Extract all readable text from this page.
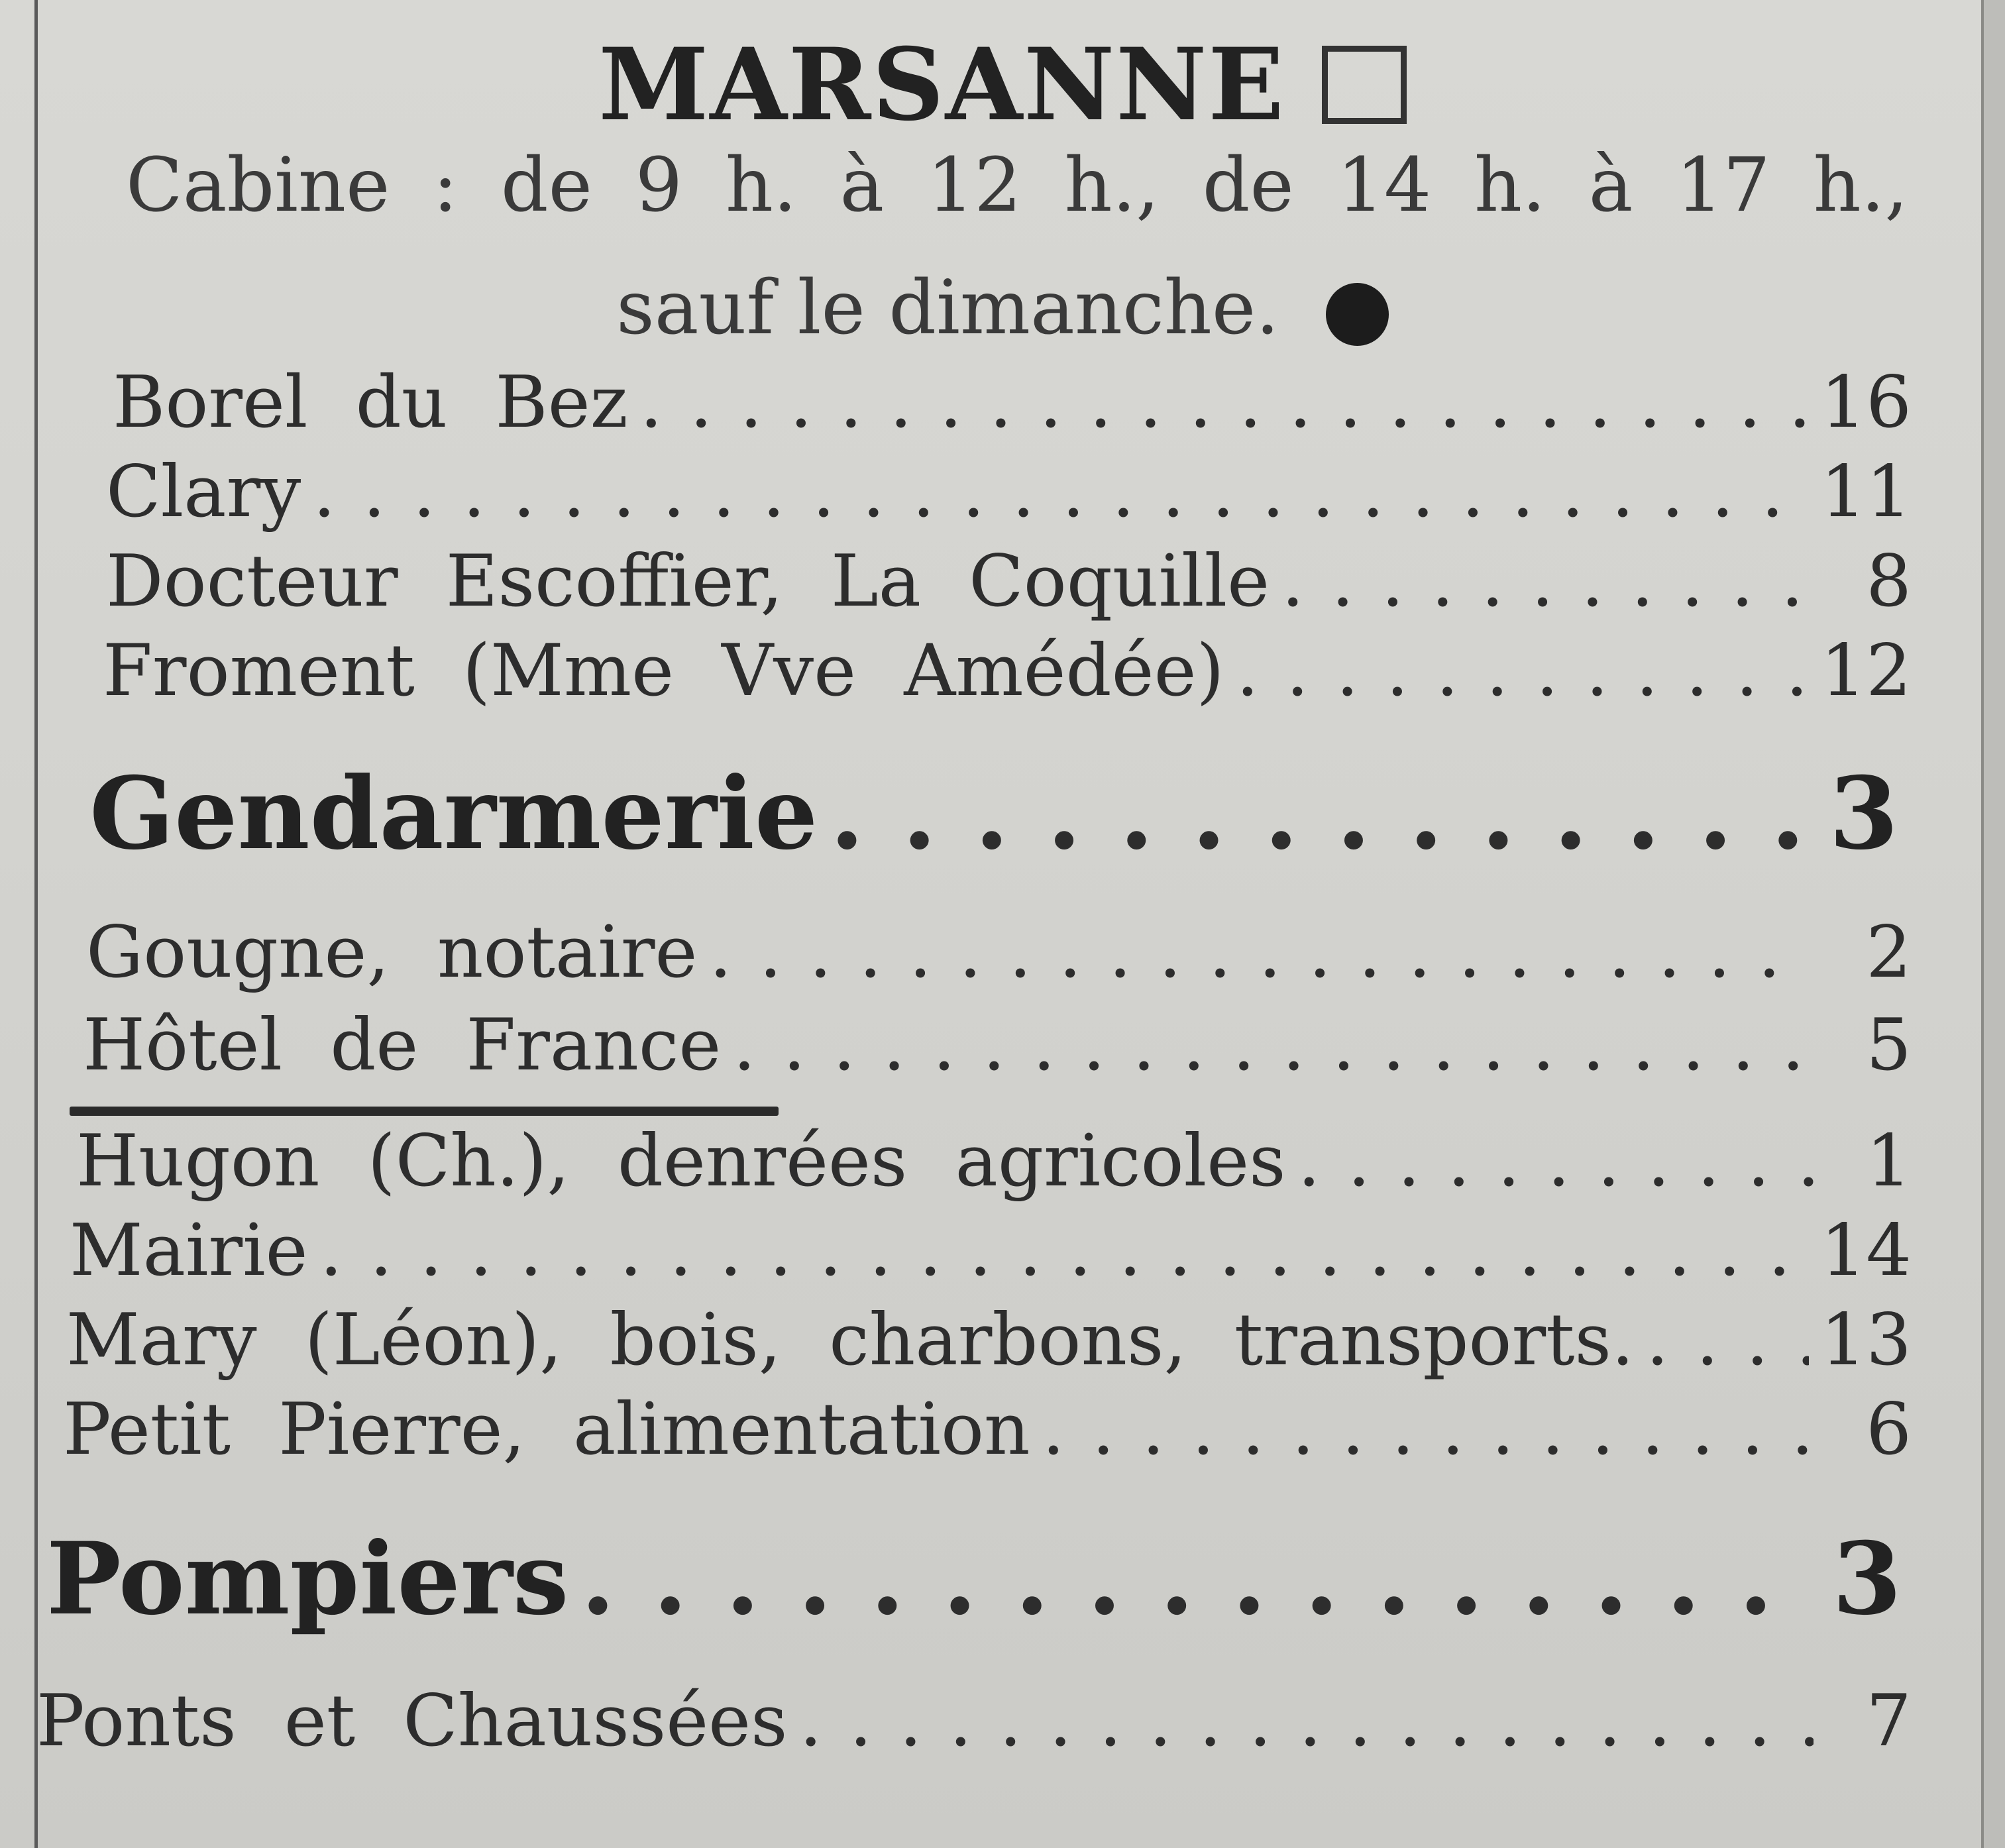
MARSANNE
Cabine : de 9 h. à 12 h., de 14 h. à 17 h.,
sauf le dimanche.
Borel du Bez .....	16
Clary .....	11
Docteur Escoffier, La Coquille .....	8
Froment (Mme Vve Amédée) .....	12
Gendarmerie .....	3
Gougne, notaire .....	2
Hôtel de France .....	5
Hugon (Ch.), denrées agricoles .....	1
Mairie .....	14
Mary (Léon), bois, charbons, transports. .....	13
Petit Pierre, alimentation .....	6
Pompiers .....	3
Ponts et Chaussées .....	7
